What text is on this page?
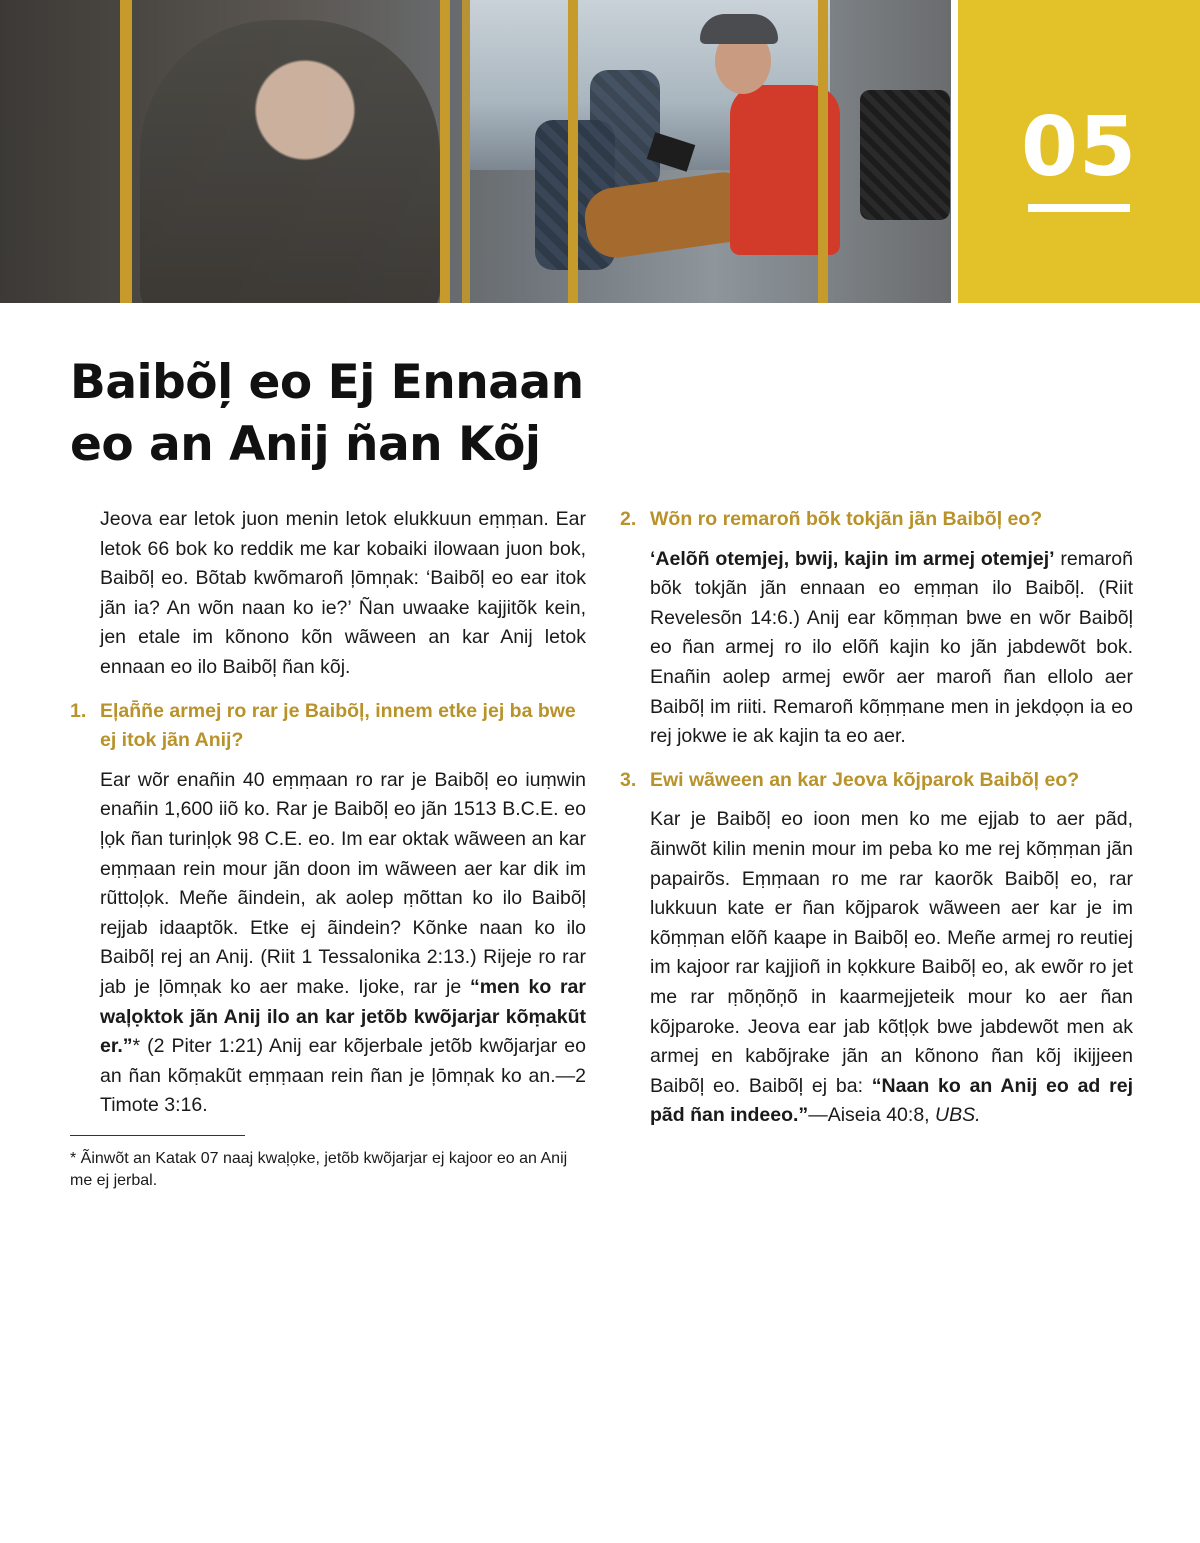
05
Baibõļ eo Ej Ennaan
eo an Anij ñan Kõj

Jeova ear letok juon menin letok elukkuun eṃṃan. Ear letok 66 bok ko reddik me kar kobaiki ilowaan juon bok, Baibõļ eo. Bõtab kwõmaroñ ļōmņak: ‘Baibõļ eo ear itok jãn ia? An wõn naan ko ie?’ Ñan uwaake kajjitõk kein, jen etale im kõnono kõn wãween an kar Anij letok ennaan eo ilo Baibõļ ñan kõj.

1. Eļañ̄ñe armej ro rar je Baibõļ, innem etke jej ba bwe ej itok jãn Anij?

Ear wõr enañin 40 eṃṃaan ro rar je Baibõļ eo iuṃwin enañin 1,600 iiõ ko. Rar je Baibõļ eo jãn 1513 B.C.E. eo ļọk ñan turinļọk 98 C.E. eo. Im ear oktak wãween an kar eṃṃaan rein mour jãn doon im wãween aer kar dik im rũttoļọk. Meñe ãindein, ak aolep ṃõttan ko ilo Baibõļ rejjab idaaptõk. Etke ej ãindein? Kõnke naan ko ilo Baibõļ rej an Anij. (Riit 1 Tessalonika 2:13.) Rijeje ro rar jab je ļōmņak ko aer make. Ijoke, rar je “men ko rar waļọktok jãn Anij ilo an kar jetõb kwõjarjar kõṃakũt er.”* (2 Piter 1:21) Anij ear kõjerbale jetõb kwõjarjar eo an ñan kõṃakũt eṃṃaan rein ñan je ļōmņak ko an.—2 Timote 3:16.

* Ãinwõt an Katak 07 naaj kwaļọke, jetõb kwõjarjar ej kajoor eo an Anij me ej jerbal.

2. Wõn ro remaroñ bõk tokjãn jãn Baibõļ eo?

‘Aelõñ otemjej, bwij, kajin im armej otemjej’ remaroñ bõk tokjãn jãn ennaan eo eṃṃan ilo Baibõļ. (Riit Revelesõn 14:6.) Anij ear kõṃṃan bwe en wõr Baibõļ eo ñan armej ro ilo elõñ kajin ko jãn jabdewõt bok. Enañin aolep armej ewõr aer maroñ ñan ellolo aer Baibõļ im riiti. Remaroñ kõṃṃane men in jekdọọn ia eo rej jokwe ie ak kajin ta eo aer.

3. Ewi wãween an kar Jeova kõjparok Baibõļ eo?

Kar je Baibõļ eo ioon men ko me ejjab to aer pãd, ãinwõt kilin menin mour im peba ko me rej kõṃṃan jãn papairõs. Eṃṃaan ro me rar kaorõk Baibõļ eo, rar lukkuun kate er ñan kõjparok wãween aer kar je im kõṃṃan elõñ kaape in Baibõļ eo. Meñe armej ro reutiej im kajoor rar kajjioñ in kọkkure Baibõļ eo, ak ewõr ro jet me rar ṃõņõņõ in kaarmejjeteik mour ko aer ñan kõjparoke. Jeova ear jab kõtļọk bwe jabdewõt men ak armej en kabõjrake jãn an kõnono ñan kõj ikijjeen Baibõļ eo. Baibõļ ej ba: “Naan ko an Anij eo ad rej pãd ñan indeeo.”—Aiseia 40:8, UBS.
